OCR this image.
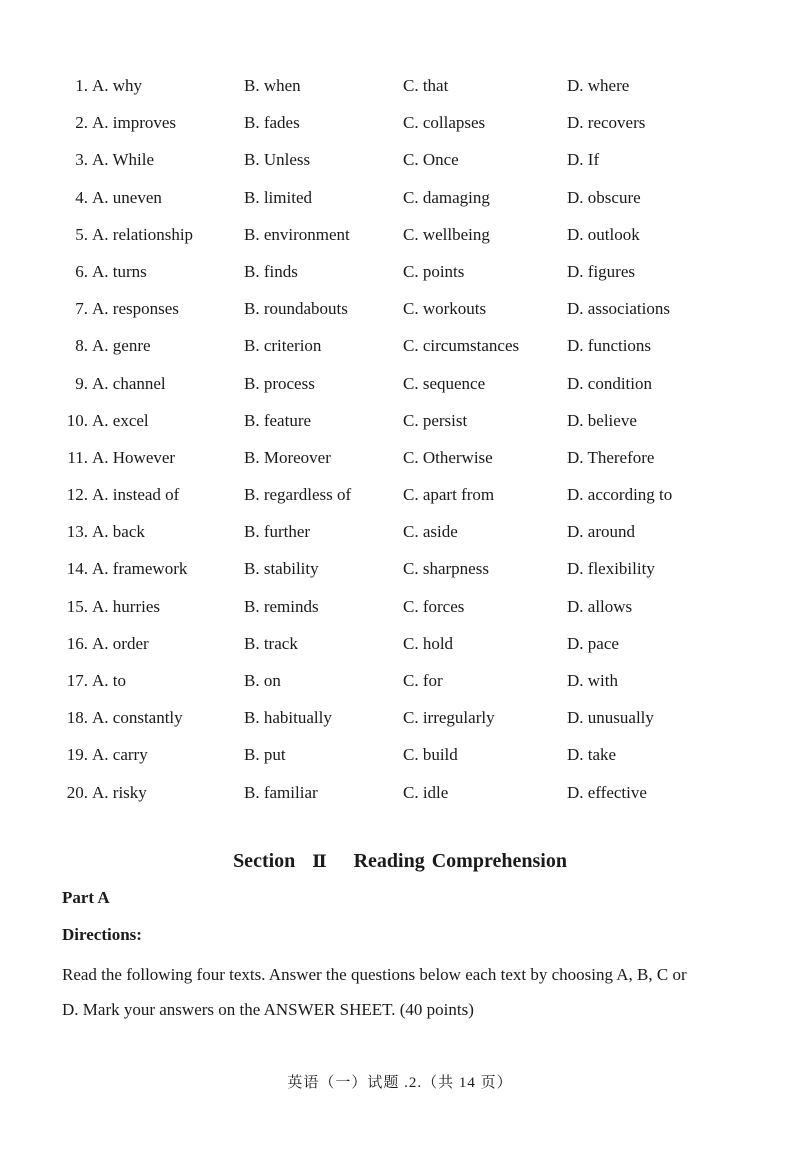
1. A. why	B. when	C. that	D. where
2. A. improves	B. fades	C. collapses	D. recovers
3. A. While	B. Unless	C. Once	D. If
4. A. uneven	B. limited	C. damaging	D. obscure
5. A. relationship	B. environment	C. wellbeing	D. outlook
6. A. turns	B. finds	C. points	D. figures
7. A. responses	B. roundabouts	C. workouts	D. associations
8. A. genre	B. criterion	C. circumstances	D. functions
9. A. channel	B. process	C. sequence	D. condition
10. A. excel	B. feature	C. persist	D. believe
11. A. However	B. Moreover	C. Otherwise	D. Therefore
12. A. instead of	B. regardless of	C. apart from	D. according to
13. A. back	B. further	C. aside	D. around
14. A. framework	B. stability	C. sharpness	D. flexibility
15. A. hurries	B. reminds	C. forces	D. allows
16. A. order	B. track	C. hold	D. pace
17. A. to	B. on	C. for	D. with
18. A. constantly	B. habitually	C. irregularly	D. unusually
19. A. carry	B. put	C. build	D. take
20. A. risky	B. familiar	C. idle	D. effective
Section Ⅱ Reading Comprehension
Part A
Directions:
Read the following four texts. Answer the questions below each text by choosing A, B, C or D. Mark your answers on the ANSWER SHEET. (40 points)
英语（一）试题 .2.（共 14 页）
